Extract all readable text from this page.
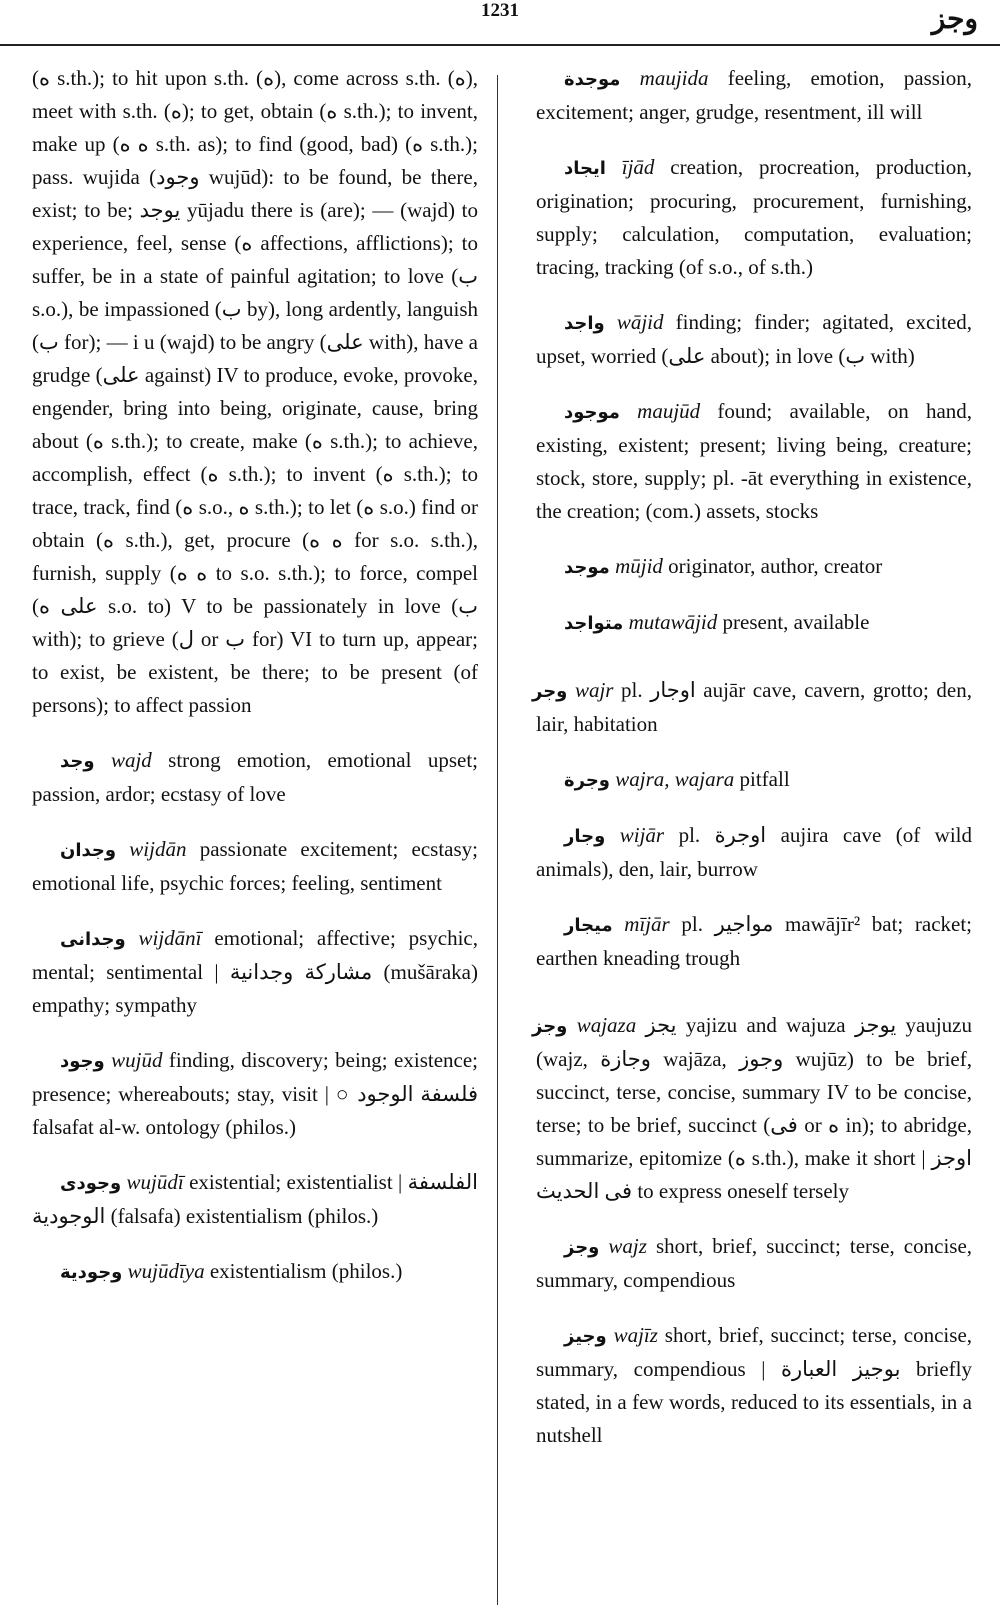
1231	وجز

(ه s.th.); to hit upon s.th. (ه), come across s.th. (ه), meet with s.th. (ه); to get, obtain (ه s.th.); to invent, make up (ه ه s.th. as); to find (good, bad) (ه s.th.); pass. wujida (وجود wujūd): to be found, be there, exist; to be; يوجد yūjadu there is (are); — (wajd) to experience, feel, sense (ه affections, afflictions); to suffer, be in a state of painful agitation; to love (ب s.o.), be impassioned (ب by), long ardently, languish (ب for); — i u (wajd) to be angry (على with), have a grudge (على against) IV to produce, evoke, provoke, engender, bring into being, originate, cause, bring about (ه s.th.); to create, make (ه s.th.); to achieve, accomplish, effect (ه s.th.); to invent (ه s.th.); to trace, track, find (ه s.o., ه s.th.); to let (ه s.o.) find or obtain (ه s.th.), get, procure (ه ه for s.o. s.th.), furnish, supply (ه ه to s.o. s.th.); to force, compel (على ه s.o. to) V to be passionately in love (ب with); to grieve (ل or ب for) VI to turn up, appear; to exist, be existent, be there; to be present (of persons); to affect passion

وجد wajd strong emotion, emotional upset; passion, ardor; ecstasy of love

وجدان wijdān passionate excitement; ecstasy; emotional life, psychic forces; feeling, sentiment

وجدانى wijdānī emotional; affective; psychic, mental; sentimental | مشاركة وجدانية (mušāraka) empathy; sympathy

وجود wujūd finding, discovery; being; existence; presence; whereabouts; stay, visit | ○ فلسفة الوجود falsafat al-w. ontology (philos.)

وجودى wujūdī existential; existentialist | الفلسفة الوجودية (falsafa) existentialism (philos.)

وجودية wujūdīya existentialism (philos.)

موجدة maujida feeling, emotion, passion, excitement; anger, grudge, resentment, ill will

ايجاد ījād creation, procreation, production, origination; procuring, procurement, furnishing, supply; calculation, computation, evaluation; tracing, tracking (of s.o., of s.th.)

واجد wājid finding; finder; agitated, excited, upset, worried (على about); in love (ب with)

موجود maujūd found; available, on hand, existing, existent; present; living being, creature; stock, store, supply; pl. -āt everything in existence, the creation; (com.) assets, stocks

موجد mūjid originator, author, creator

متواجد mutawājid present, available

وجر wajr pl. اوجار aujār cave, cavern, grotto; den, lair, habitation

وجرة wajra, wajara pitfall

وجار wijār pl. اوجرة aujira cave (of wild animals), den, lair, burrow

ميجار mījār pl. مواجير mawājīr² bat; racket; earthen kneading trough

وجز wajaza يجز yajizu and wajuza يوجز yaujuzu (wajz, وجازة wajāza, وجوز wujūz) to be brief, succinct, terse, concise, summary IV to be concise, terse; to be brief, succinct (فى or ه in); to abridge, summarize, epitomize (ه s.th.), make it short | اوجز فى الحديث to express oneself tersely

وجز wajz short, brief, succinct; terse, concise, summary, compendious

وجيز wajīz short, brief, succinct; terse, concise, summary, compendious | بوجيز العبارة briefly stated, in a few words, reduced to its essentials, in a nutshell
